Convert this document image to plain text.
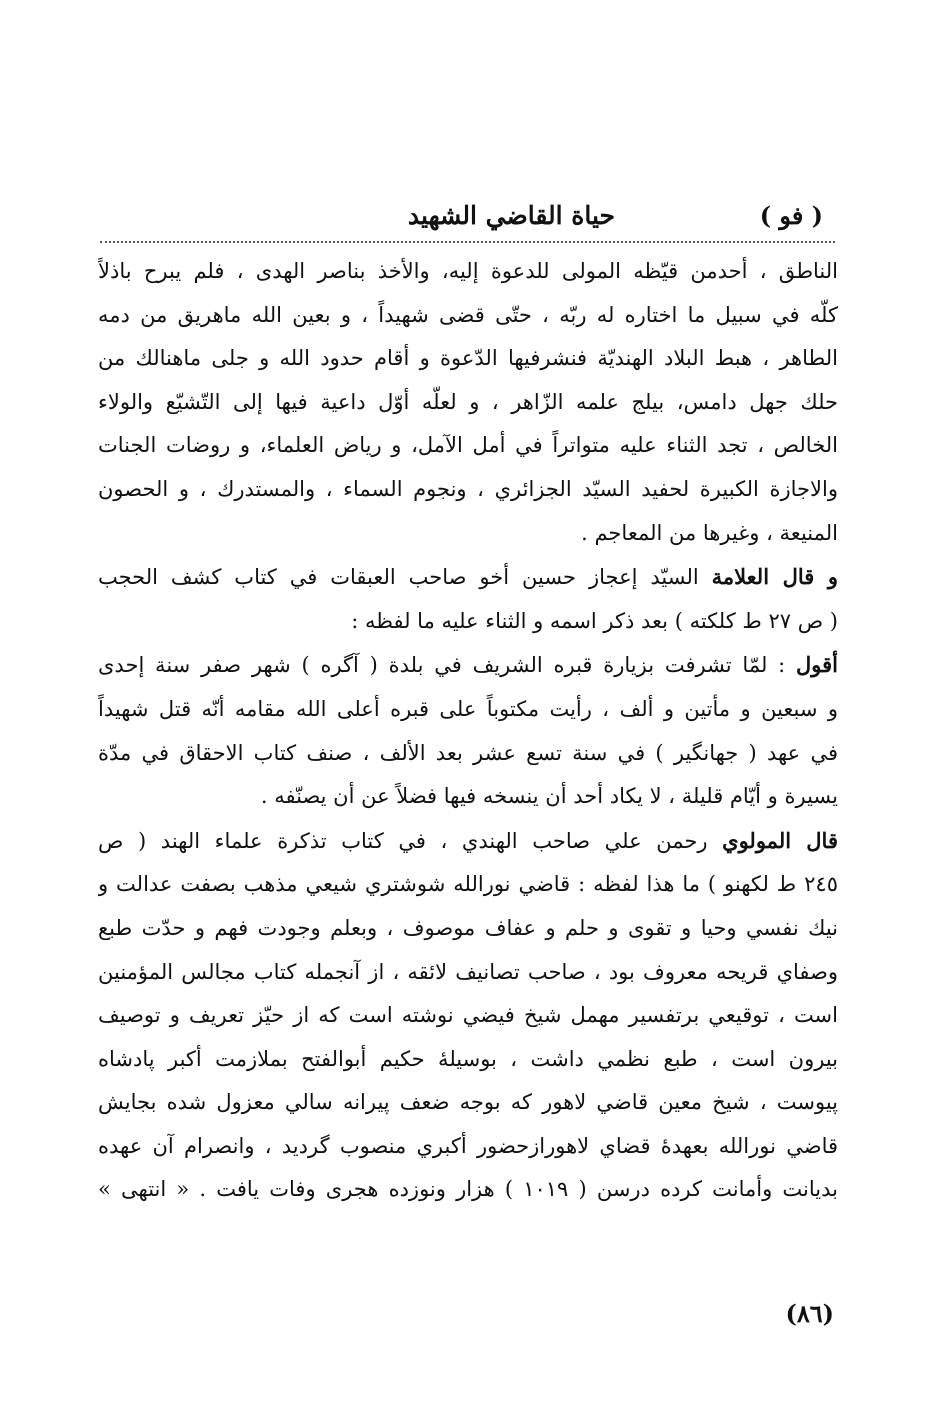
حياة القاضي الشهيد	( فو )
الناطق ، أحدمن قيّظه المولى للدعوة إليه، والأخذ بناصر الهدى ، فلم يبرح باذلاً
كلّه في سبيل ما اختاره له ربّه ، حتّى قضى شهيداً ، و بعين الله ماهريق من دمه
الطاهر ، هبط البلاد الهنديّة فنشرفيها الدّعوة و أقام حدود الله و جلى ماهنالك من
حلك جهل دامس، بيلج علمه الزّاهر ، و لعلّه أوّل داعية فيها إلى التّشيّع والولاء
الخالص ، تجد الثناء عليه متواتراً في أمل الآمل، و رياض العلماء، و روضات الجنات
والاجازة الكبيرة لحفيد السيّد الجزائري ، ونجوم السماء ، والمستدرك ، و الحصون
المنيعة ، وغيرها من المعاجم .
و قال العلامة السيّد إعجاز حسين أخو صاحب العبقات في كتاب كشف الحجب
( ص ٢٧ ط كلكته ) بعد ذكر اسمه و الثناء عليه ما لفظه :
أقول : لمّا تشرفت بزيارة قبره الشريف في بلدة ( آگره ) شهر صفر سنة إحدى
و سبعين و مأتين و ألف ، رأيت مكتوباً على قبره أعلى الله مقامه أنّه قتل شهيداً
في عهد ( جهانگير ) في سنة تسع عشر بعد الألف ، صنف كتاب الاحقاق في مدّة
يسيرة و أيّام قليلة ، لا يكاد أحد أن ينسخه فيها فضلاً عن أن يصنّفه .
قال المولوي رحمن علي صاحب الهندي ، في كتاب تذكرة علماء الهند ( ص
٢٤٥ ط لكهنو ) ما هذا لفظه : قاضي نورالله شوشتري شيعي مذهب بصفت عدالت و
نيك نفسي وحيا و تقوى و حلم و عفاف موصوف ، وبعلم وجودت فهم و حدّت طبع
وصفاي قريحه معروف بود ، صاحب تصانيف لائقه ، از آنجمله كتاب مجالس المؤمنين
است ، توقيعي برتفسير مهمل شيخ فيضي نوشته است كه از حيّز تعريف و توصيف
بيرون است ، طبع نظمي داشت ، بوسيلهٔ حكيم أبوالفتح بملازمت أكبر پادشاه
پيوست ، شيخ معين قاضي لاهور كه بوجه ضعف پيرانه سالي معزول شده بجايش
قاضي نورالله بعهدهٔ قضاي لاهورازحضور أكبري منصوب گرديد ، وانصرام آن عهده
بديانت وأمانت كرده درسن ( ١٠١٩ ) هزار ونوزده هجرى وفات يافت . « انتهى »
(٨٦)
